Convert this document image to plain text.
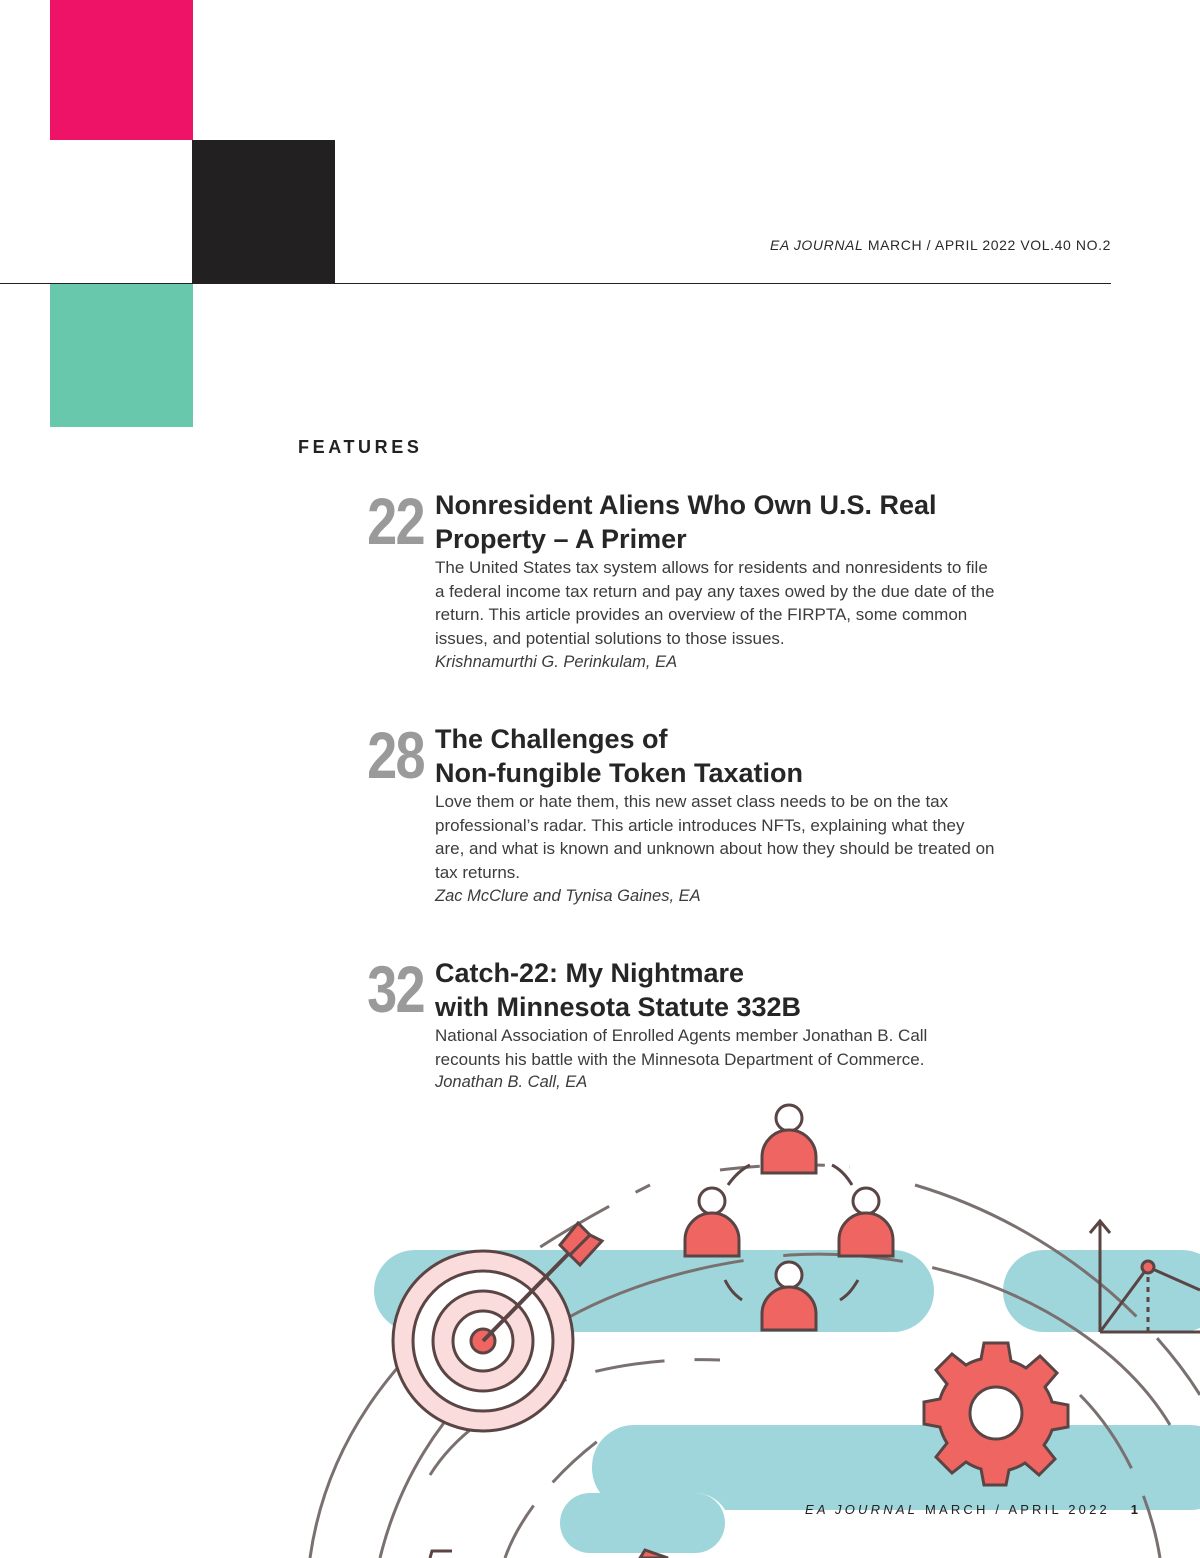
EA JOURNAL MARCH / APRIL 2022 VOL.40 NO.2
FEATURES
22 Nonresident Aliens Who Own U.S. Real
Property – A Primer

The United States tax system allows for residents and nonresidents to file a federal income tax return and pay any taxes owed by the due date of the return. This article provides an overview of the FIRPTA, some common issues, and potential solutions to those issues.

Krishnamurthi G. Perinkulam, EA

28 The Challenges of
Non-fungible Token Taxation

Love them or hate them, this new asset class needs to be on the tax professional’s radar. This article introduces NFTs, explaining what they are, and what is known and unknown about how they should be treated on tax returns.

Zac McClure and Tynisa Gaines, EA

32 Catch-22: My Nightmare
with Minnesota Statute 332B

National Association of Enrolled Agents member Jonathan B. Call recounts his battle with the Minnesota Department of Commerce.

Jonathan B. Call, EA

EA JOURNAL MARCH / APRIL 2022 1
